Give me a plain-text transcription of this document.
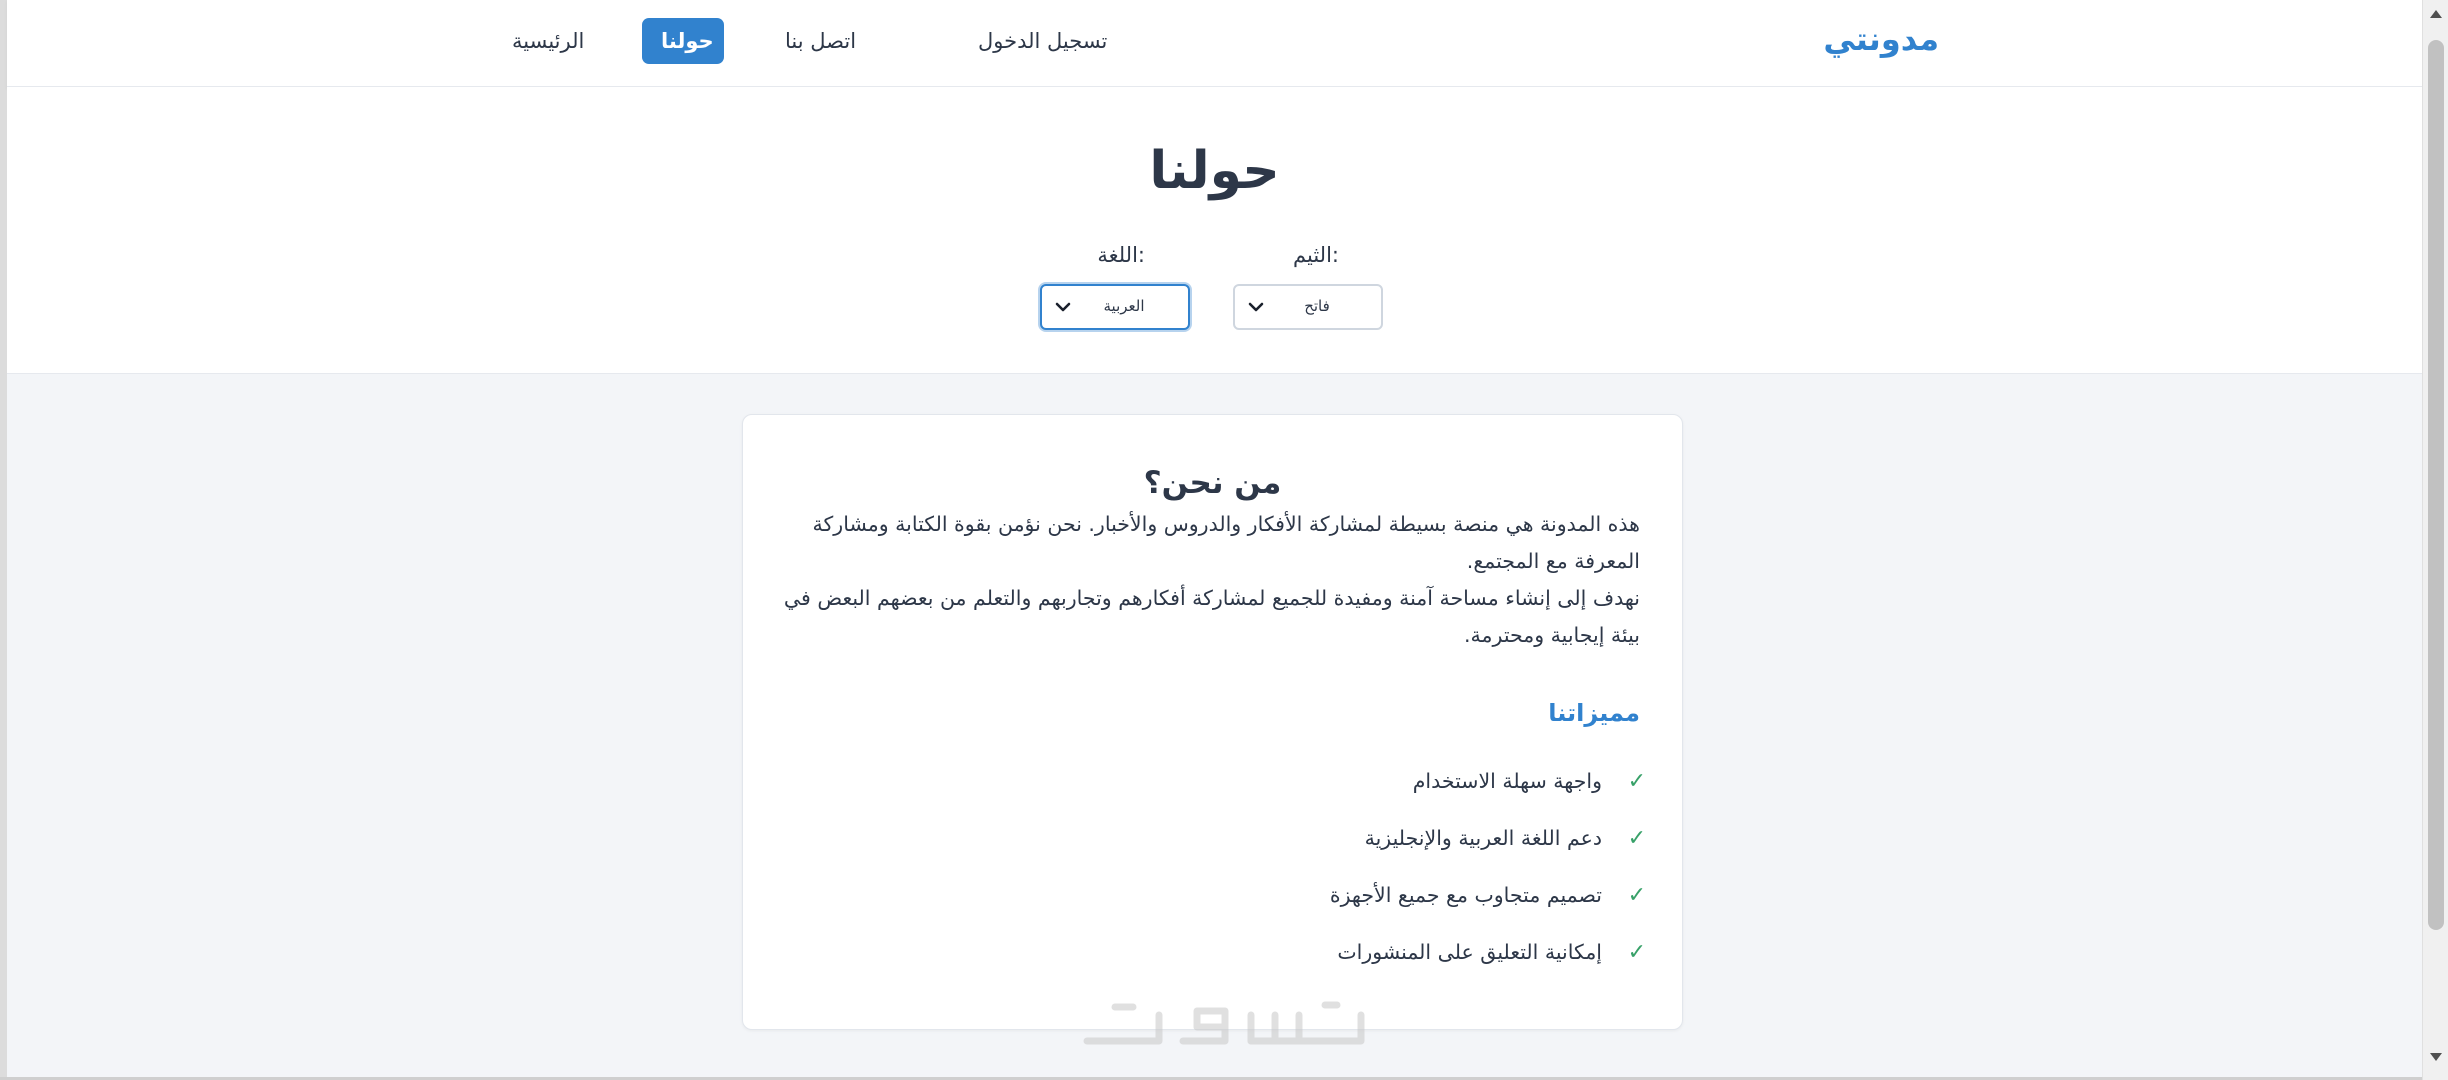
مدونتي
تسجيل الدخول
اتصل بنا
حولنا
الرئيسية
حولنا
الثيم:
فاتح
اللغة:
العربية
من نحن؟
هذه المدونة هي منصة بسيطة لمشاركة الأفكار والدروس والأخبار. نحن نؤمن بقوة الكتابة ومشاركة المعرفة مع المجتمع.
نهدف إلى إنشاء مساحة آمنة ومفيدة للجميع لمشاركة أفكارهم وتجاربهم والتعلم من بعضهم البعض في بيئة إيجابية ومحترمة.
مميزاتنا
✓واجهة سهلة الاستخدام
✓دعم اللغة العربية والإنجليزية
✓تصميم متجاوب مع جميع الأجهزة
✓إمكانية التعليق على المنشورات
